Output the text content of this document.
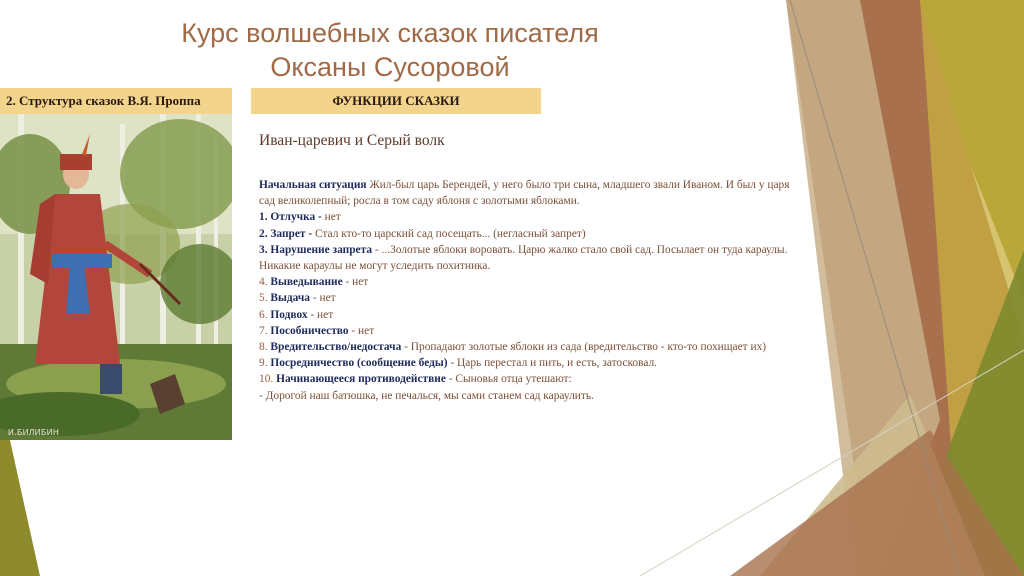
Курс волшебных сказок писателя
Оксаны Сусоровой
2. Структура сказок В.Я. Проппа
И.БИЛИБИН
ФУНКЦИИ СКАЗКИ
Иван-царевич и Серый волк
Начальная ситуация Жил-был царь Берендей, у него было три сына, младшего звали Иваном. И был у царя
сад великолепный; росла в том саду яблоня с золотыми яблоками.
1. Отлучка - нет
2. Запрет - Стал кто-то царский сад посещать... (негласный запрет)
3. Нарушение запрета - ...Золотые яблоки воровать. Царю жалко стало свой сад. Посылает он туда караулы.
Никакие караулы не могут уследить похитника.
4. Выведывание - нет
5. Выдача - нет
6. Подвох - нет
7. Пособничество - нет
8. Вредительство/недостача - Пропадают золотые яблоки из сада (вредительство - кто-то похищает их)
9. Посредничество (сообщение беды) - Царь перестал и пить, и есть, затосковал.
10. Начинающееся противодействие - Сыновья отца утешают:
- Дорогой наш батюшка, не печалься, мы сами станем сад караулить.
